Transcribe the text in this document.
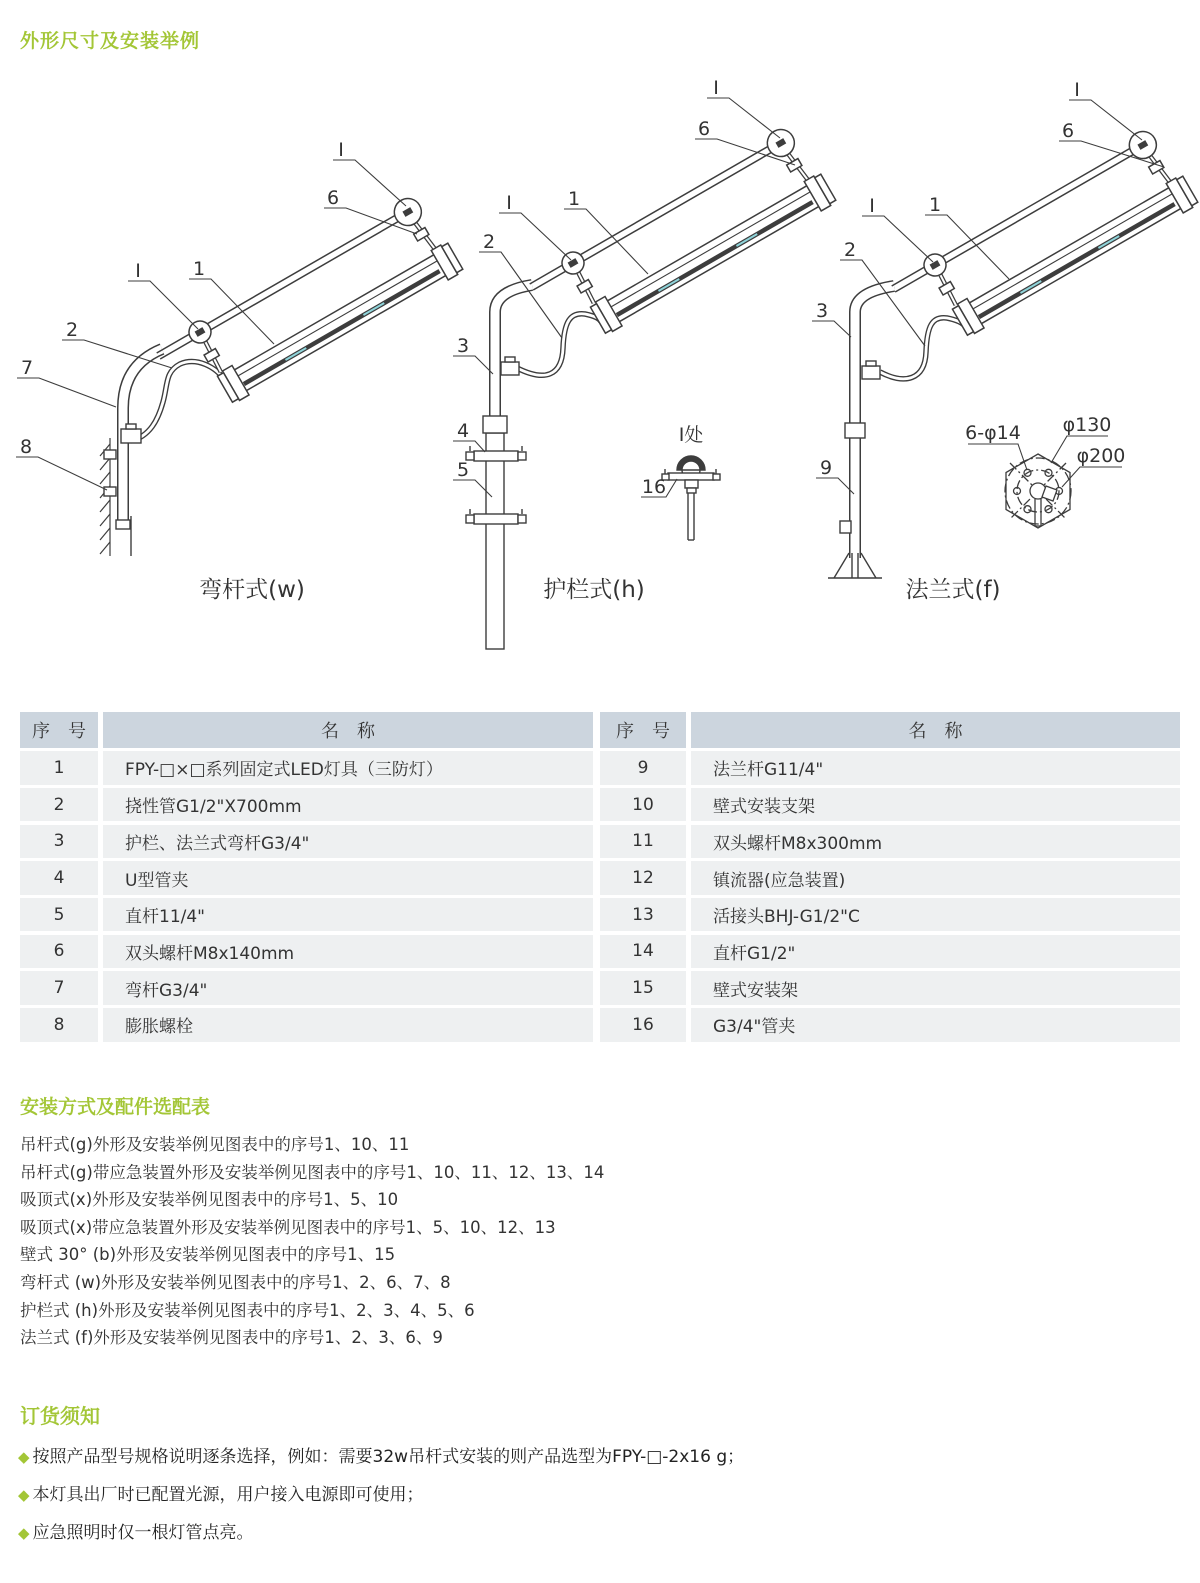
外形尺寸及安装举例
I
6
I	1
2
7
8
弯杆式(w)
I
6
I	1
2
3
4
5
I处
16
护栏式(h)
I
6
I	1
2
3
9
6-φ14 φ130
φ200
法兰式(f)
序　号	名　称
1	FPY-□×□系列固定式LED灯具（三防灯）
2	挠性管G1/2"X700mm
3	护栏、法兰式弯杆G3/4"
4	U型管夹
5	直杆11/4"
6	双头螺杆M8x140mm
7	弯杆G3/4"
8	膨胀螺栓
序　号	名　称
9	法兰杆G11/4"
10	壁式安装支架
11	双头螺杆M8x300mm
12	镇流器(应急装置)
13	活接头BHJ-G1/2"C
14	直杆G1/2"
15	壁式安装架
16	G3/4"管夹
安装方式及配件选配表
吊杆式(g)外形及安装举例见图表中的序号1、10、11
吊杆式(g)带应急装置外形及安装举例见图表中的序号1、10、11、12、13、14
吸顶式(x)外形及安装举例见图表中的序号1、5、10
吸顶式(x)带应急装置外形及安装举例见图表中的序号1、5、10、12、13
壁式 30° (b)外形及安装举例见图表中的序号1、15
弯杆式 (w)外形及安装举例见图表中的序号1、2、6、7、8
护栏式 (h)外形及安装举例见图表中的序号1、2、3、4、5、6
法兰式 (f)外形及安装举例见图表中的序号1、2、3、6、9
订货须知
◆ 按照产品型号规格说明逐条选择，例如：需要32w吊杆式安装的则产品选型为FPY-□-2x16 g；
◆ 本灯具出厂时已配置光源，用户接入电源即可使用；
◆ 应急照明时仅一根灯管点亮。
